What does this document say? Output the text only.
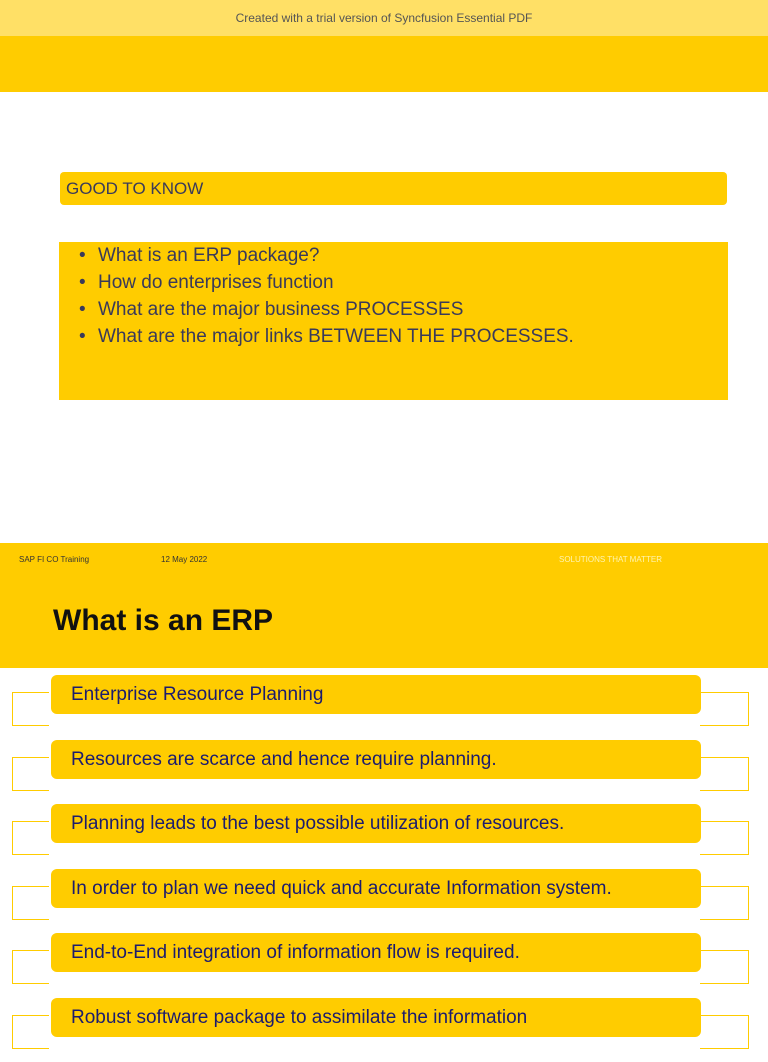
Created with a trial version of Syncfusion Essential PDF
GOOD TO KNOW
• What is an ERP package?
• How do enterprises function
• What are the major business PROCESSES
• What are the major links BETWEEN THE PROCESSES.
SAP FI CO Training	12 May 2022	SOLUTIONS THAT MATTER
What is an ERP
Enterprise Resource Planning
Resources are scarce and hence require planning.
Planning leads to the best possible utilization of resources.
In order to plan we need quick and accurate Information system.
End-to-End integration of information flow is required.
Robust software package to assimilate the information
